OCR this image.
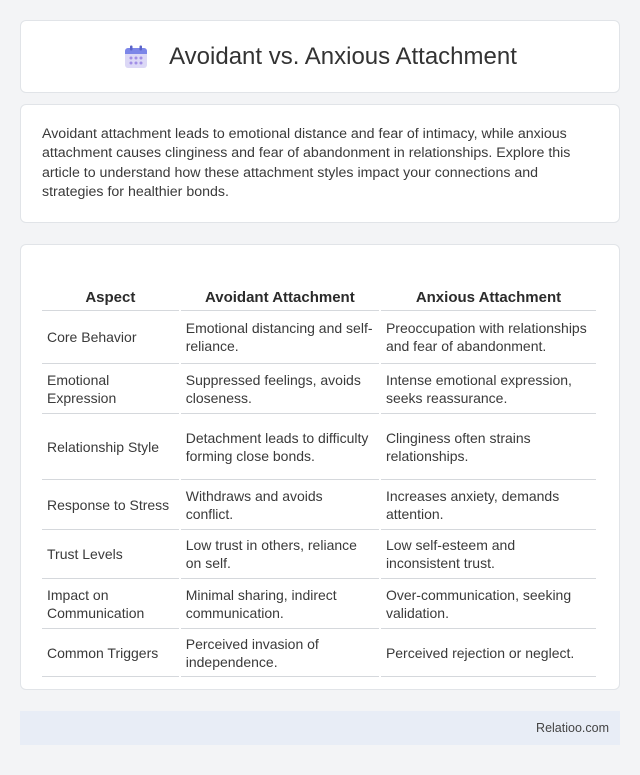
Avoidant vs. Anxious Attachment

Avoidant attachment leads to emotional distance and fear of intimacy, while anxious attachment causes clinginess and fear of abandonment in relationships. Explore this article to understand how these attachment styles impact your connections and strategies for healthier bonds.

Aspect	Avoidant Attachment	Anxious Attachment
Core Behavior	Emotional distancing and self-reliance.	Preoccupation with relationships and fear of abandonment.
Emotional Expression	Suppressed feelings, avoids closeness.	Intense emotional expression, seeks reassurance.
Relationship Style	Detachment leads to difficulty forming close bonds.	Clinginess often strains relationships.
Response to Stress	Withdraws and avoids conflict.	Increases anxiety, demands attention.
Trust Levels	Low trust in others, reliance on self.	Low self-esteem and inconsistent trust.
Impact on Communication	Minimal sharing, indirect communication.	Over-communication, seeking validation.
Common Triggers	Perceived invasion of independence.	Perceived rejection or neglect.
Relatioo.com
